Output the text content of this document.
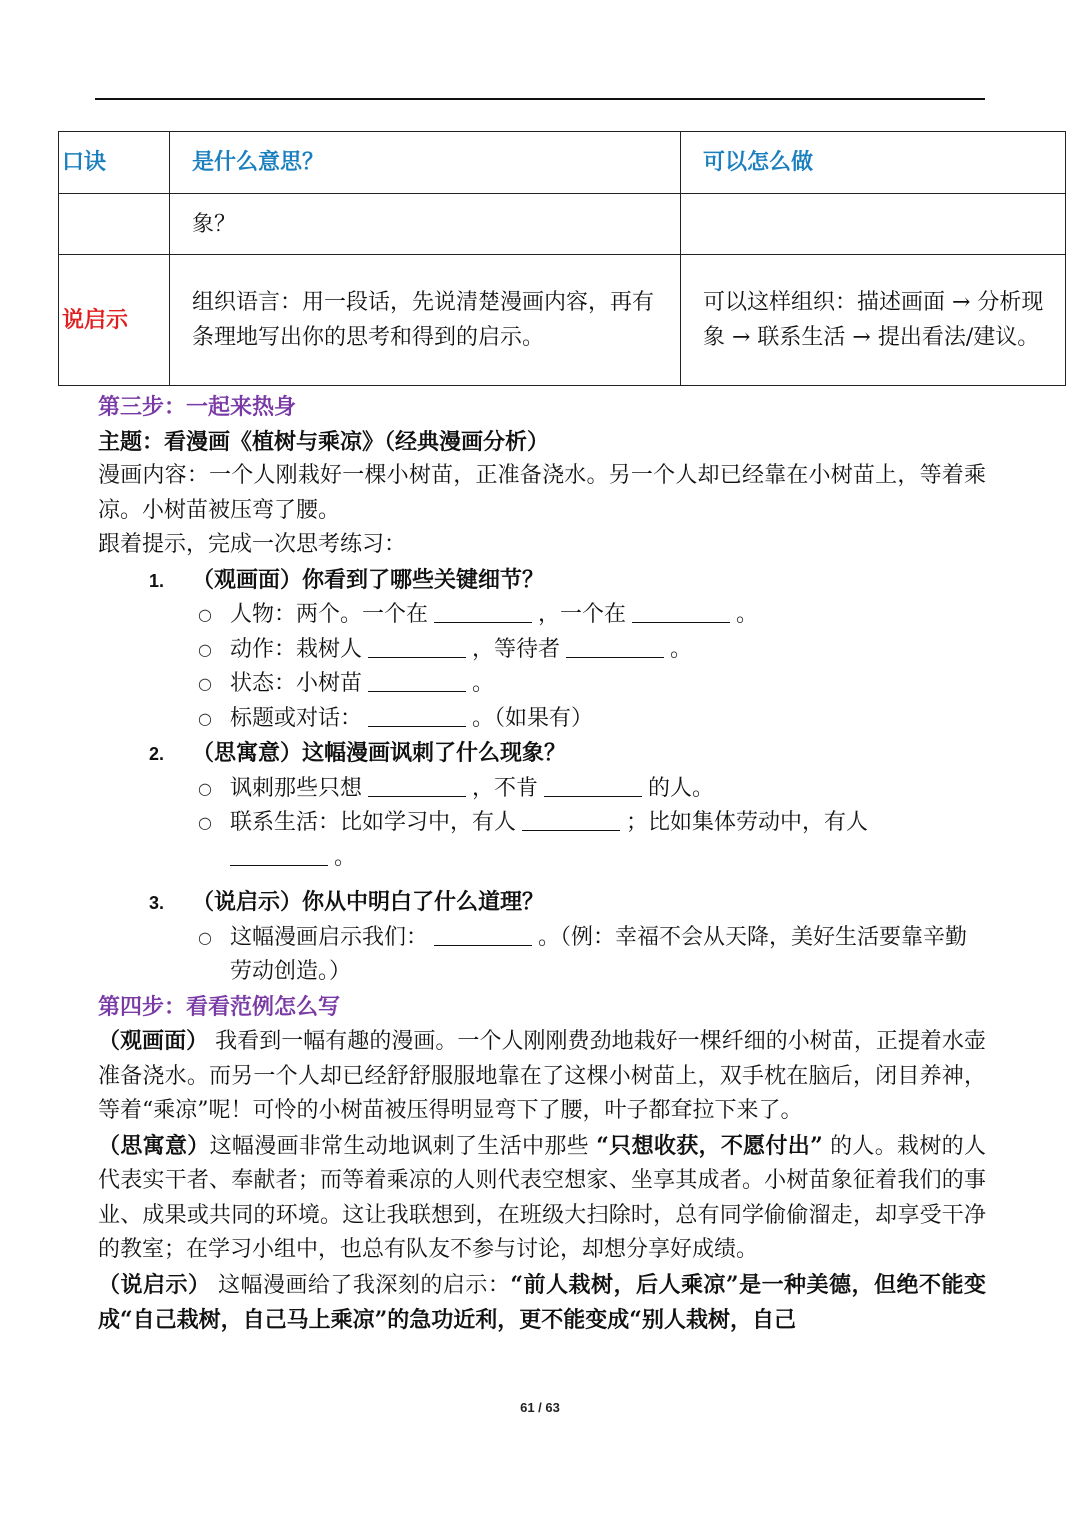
口诀	是什么意思？	可以怎么做

	象？	

说启示	组织语言：用一段话，先说清楚漫画内容，再有条理地写出你的思考和得到的启示。	可以这样组织：描述画面 → 分析现象 → 联系生活 → 提出看法/建议。

第三步：一起来热身

主题：看漫画《植树与乘凉》（经典漫画分析）

漫画内容：一个人刚栽好一棵小树苗，正准备浇水。另一个人却已经靠在小树苗上，等着乘凉。小树苗被压弯了腰。

跟着提示，完成一次思考练习：

1. （观画面）你看到了哪些关键细节？

○ 人物：两个。一个在	，一个在	。
○ 动作：栽树人	，等待者	。
○ 状态：小树苗	。
○ 标题或对话：	。（如果有）

2. （思寓意）这幅漫画讽刺了什么现象？

○ 讽刺那些只想	，不肯	的人。
○ 联系生活：比如学习中，有人	；比如集体劳动中，有人
。

3. （说启示）你从中明白了什么道理？

○ 这幅漫画启示我们：	。（例：幸福不会从天降，美好生活要靠辛勤劳动创造。）

第四步：看看范例怎么写

（观画面） 我看到一幅有趣的漫画。一个人刚刚费劲地栽好一棵纤细的小树苗，正提着水壶准备浇水。而另一个人却已经舒舒服服地靠在了这棵小树苗上，双手枕在脑后，闭目养神，等着“乘凉”呢！可怜的小树苗被压得明显弯下了腰，叶子都耷拉下来了。

（思寓意）这幅漫画非常生动地讽刺了生活中那些 “只想收获，不愿付出” 的人。栽树的人代表实干者、奉献者；而等着乘凉的人则代表空想家、坐享其成者。小树苗象征着我们的事业、成果或共同的环境。这让我联想到，在班级大扫除时，总有同学偷偷溜走，却享受干净的教室；在学习小组中，也总有队友不参与讨论，却想分享好成绩。

（说启示） 这幅漫画给了我深刻的启示：“前人栽树，后人乘凉”是一种美德，但绝不能变成“自己栽树，自己马上乘凉”的急功近利，更不能变成“别人栽树，自己

61 / 63
